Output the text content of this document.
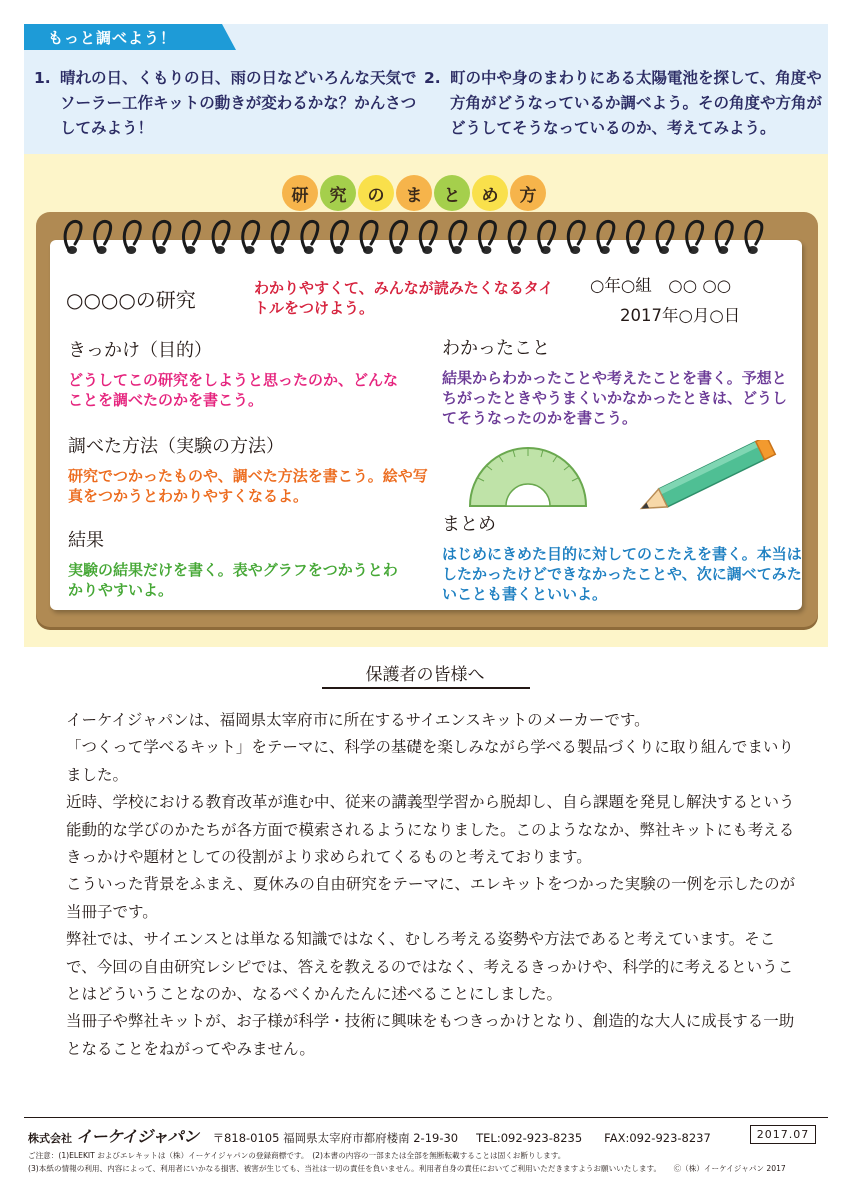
もっと調べよう！
1. 晴れの日、くもりの日、雨の日などいろんな天気でソーラー工作キットの動きが変わるかな？かんさつしてみよう！
2. 町の中や身のまわりにある太陽電池を探して、角度や方角がどうなっているか調べよう。その角度や方角がどうしてそうなっているのか、考えてみよう。
研	究	の	ま	と	め	方
○○○○の研究	わかりやすくて、みんなが読みたくなるタイトルをつけよう。
○年○組　○○ ○○
2017年○月○日
きっかけ（目的）
どうしてこの研究をしようと思ったのか、どんなことを調べたのかを書こう。
調べた方法（実験の方法）
研究でつかったものや、調べた方法を書こう。絵や写真をつかうとわかりやすくなるよ。
結果
実験の結果だけを書く。表やグラフをつかうとわかりやすいよ。
わかったこと
結果からわかったことや考えたことを書く。予想とちがったときやうまくいかなかったときは、どうしてそうなったのかを書こう。
まとめ
はじめにきめた目的に対してのこたえを書く。本当はしたかったけどできなかったことや、次に調べてみたいことも書くといいよ。
保護者の皆様へ

イーケイジャパンは、福岡県太宰府市に所在するサイエンスキットのメーカーです。

「つくって学べるキット」をテーマに、科学の基礎を楽しみながら学べる製品づくりに取り組んでまいりました。

近時、学校における教育改革が進む中、従来の講義型学習から脱却し、自ら課題を発見し解決するという能動的な学びのかたちが各方面で模索されるようになりました。このようななか、弊社キットにも考えるきっかけや題材としての役割がより求められてくるものと考えております。

こういった背景をふまえ、夏休みの自由研究をテーマに、エレキットをつかった実験の一例を示したのが当冊子です。

弊社では、サイエンスとは単なる知識ではなく、むしろ考える姿勢や方法であると考えています。そこで、今回の自由研究レシピでは、答えを教えるのではなく、考えるきっかけや、科学的に考えるということはどういうことなのか、なるべくかんたんに述べることにしました。

当冊子や弊社キットが、お子様が科学・技術に興味をもつきっかけとなり、創造的な大人に成長する一助となることをねがってやみません。

株式会社 イーケイジャパン 〒818-0105 福岡県太宰府市都府楼南 2-19-30 TEL:092-923-8235 FAX:092-923-8237	2017.07
ご注意：(1)ELEKIT およびエレキットは（株）イーケイジャパンの登録商標です。　(2)本書の内容の一部または全部を無断転載することは固くお断りします。
(3)本紙の情報の利用、内容によって、利用者にいかなる損害、被害が生じても、当社は一切の責任を負いません。利用者自身の責任においてご利用いただきますようお願いいたします。 Ⓒ（株）イーケイジャパン 2017
